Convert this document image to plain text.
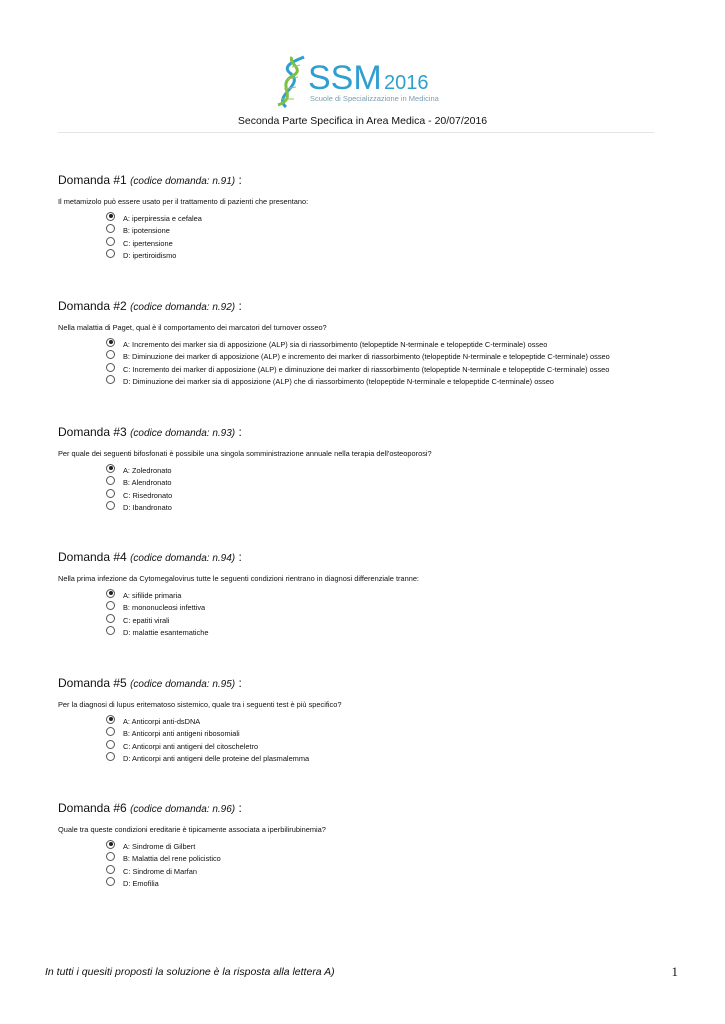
SSM 2016
Scuole di Specializzazione in Medicina
Seconda Parte Specifica in Area Medica - 20/07/2016
Domanda #1 (codice domanda: n.91) :
Il metamizolo può essere usato per il trattamento di pazienti che presentano:
A: iperpiressia e cefalea
B: ipotensione
C: ipertensione
D: ipertiroidismo
Domanda #2 (codice domanda: n.92) :
Nella malattia di Paget, qual è il comportamento dei marcatori del turnover osseo?
A: Incremento dei marker sia di apposizione (ALP) sia di riassorbimento (telopeptide N-terminale e telopeptide C-terminale) osseo
B: Diminuzione dei marker di apposizione (ALP) e incremento dei marker di riassorbimento (telopeptide N-terminale e telopeptide C-terminale) osseo
C: Incremento dei marker di apposizione (ALP) e diminuzione dei marker di riassorbimento (telopeptide N-terminale e telopeptide C-terminale) osseo
D: Diminuzione dei marker sia di apposizione (ALP) che di riassorbimento (telopeptide N-terminale e telopeptide C-terminale) osseo
Domanda #3 (codice domanda: n.93) :
Per quale dei seguenti bifosfonati è possibile una singola somministrazione annuale nella terapia dell'osteoporosi?
A: Zoledronato
B: Alendronato
C: Risedronato
D: Ibandronato
Domanda #4 (codice domanda: n.94) :
Nella prima infezione da Cytomegalovirus tutte le seguenti condizioni rientrano in diagnosi differenziale tranne:
A: sifilide primaria
B: mononucleosi infettiva
C: epatiti virali
D: malattie esantematiche
Domanda #5 (codice domanda: n.95) :
Per la diagnosi di lupus eritematoso sistemico, quale tra i seguenti test è più specifico?
A: Anticorpi anti-dsDNA
B: Anticorpi anti antigeni ribosomiali
C: Anticorpi anti antigeni del citoscheletro
D: Anticorpi anti antigeni delle proteine del plasmalemma
Domanda #6 (codice domanda: n.96) :
Quale tra queste condizioni ereditarie è tipicamente associata a iperbilirubinemia?
A: Sindrome di Gilbert
B: Malattia del rene policistico
C: Sindrome di Marfan
D: Emofilia
In tutti i quesiti proposti la soluzione è la risposta alla lettera A)	1
